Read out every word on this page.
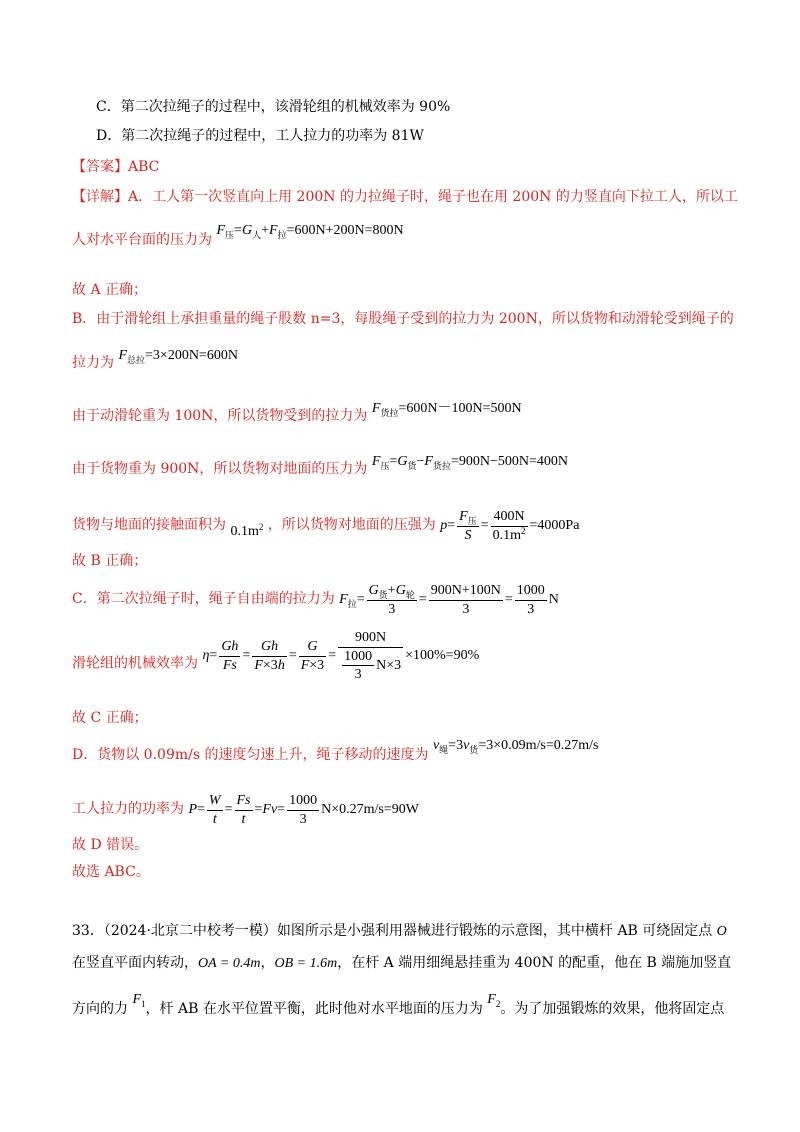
C．第二次拉绳子的过程中，该滑轮组的机械效率为 90%
D．第二次拉绳子的过程中，工人拉力的功率为 81W
【答案】ABC
【详解】A．工人第一次竖直向上用 200N 的力拉绳子时，绳子也在用 200N 的力竖直向下拉工人，所以工
人对水平台面的压力为 $F_压=G_人+F_拉=600N+200N=800N$
故 A 正确；
B．由于滑轮组上承担重量的绳子股数 n=3，每股绳子受到的拉力为 200N，所以货物和动滑轮受到绳子的
拉力为 $F_{总拉}=3\times 200N=600N$
由于动滑轮重为 100N，所以货物受到的拉力为 $F_{货拉}=600N-100N=500N$
由于货物重为 900N，所以货物对地面的压力为 $F_压=G_货-F_{货拉}=900N-500N=400N$
货物与地面的接触面积为 $0.1m^2$ ，所以货物对地面的压强为 $p= \frac{F_压}{S} = \frac{400N}{0.1m^2} =4000Pa$
故 B 正确；
C．第二次拉绳子时，绳子自由端的拉力为 $F_拉= \frac{G_货+G_轮}{3} = \frac{900N+100N}{3} = \frac{1000}{3}$ N
滑轮组的机械效率为 $\eta= \frac{Gh}{Fs} = \frac{Gh}{F\times 3h} = \frac{G}{F\times 3} = \frac{900N}{\frac{1000}{3} N\times 3} \times 100\%=90\%$
故 C 正确；
D．货物以 0.09m/s 的速度匀速上升，绳子移动的速度为 $v_绳=3v_货=3\times 0.09m/s=0.27m/s$
工人拉力的功率为 $P= \frac{W}{t} = \frac{Fs}{t} =Fv= \frac{1000}{3} N\times 0.27m/s=90W$
故 D 错误。
故选 ABC。
33．（2024·北京二中校考一模）如图所示是小强利用器械进行锻炼的示意图，其中横杆 AB 可绕固定点 O
在竖直平面内转动，OA = 0.4m，OB = 1.6m，在杆 A 端用细绳悬挂重为 400N 的配重，他在 B 端施加竖直
方向的力 $F_1$，杆 AB 在水平位置平衡，此时他对水平地面的压力为 $F_2$。为了加强锻炼的效果，他将固定点
